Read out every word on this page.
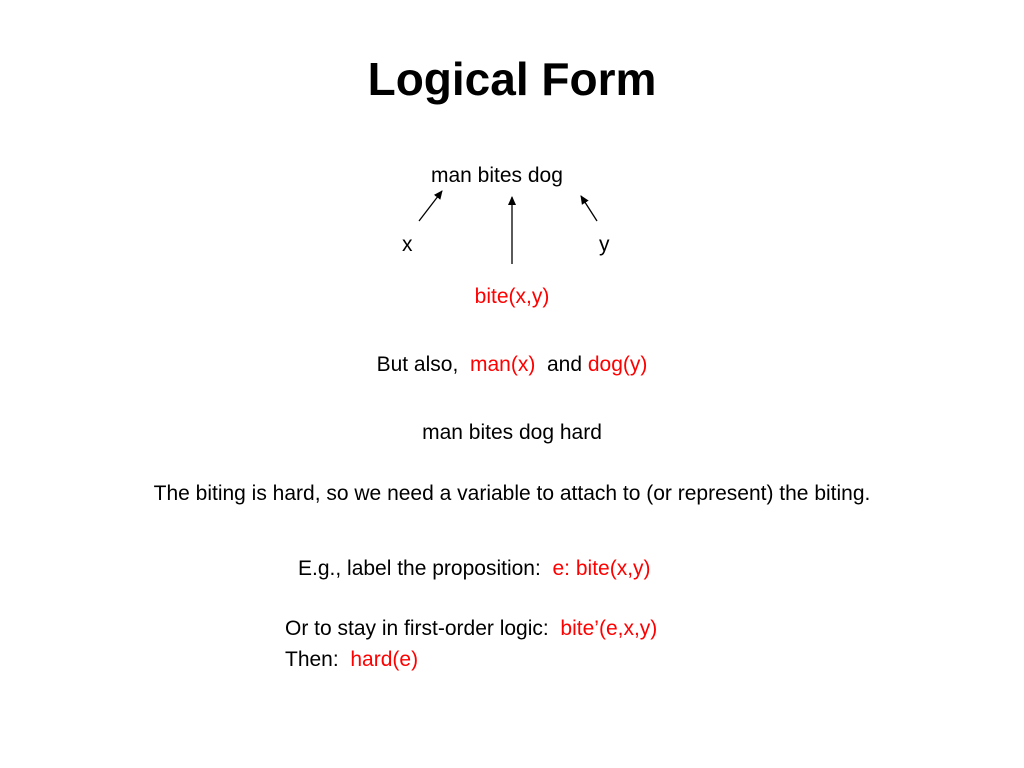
Logical Form
man bites dog
x	y
bite(x,y)
But also, man(x) and dog(y)
man bites dog hard
The biting is hard, so we need a variable to attach to (or represent) the biting.
E.g., label the proposition: e: bite(x,y)
Or to stay in first-order logic: bite’(e,x,y)
Then: hard(e)
